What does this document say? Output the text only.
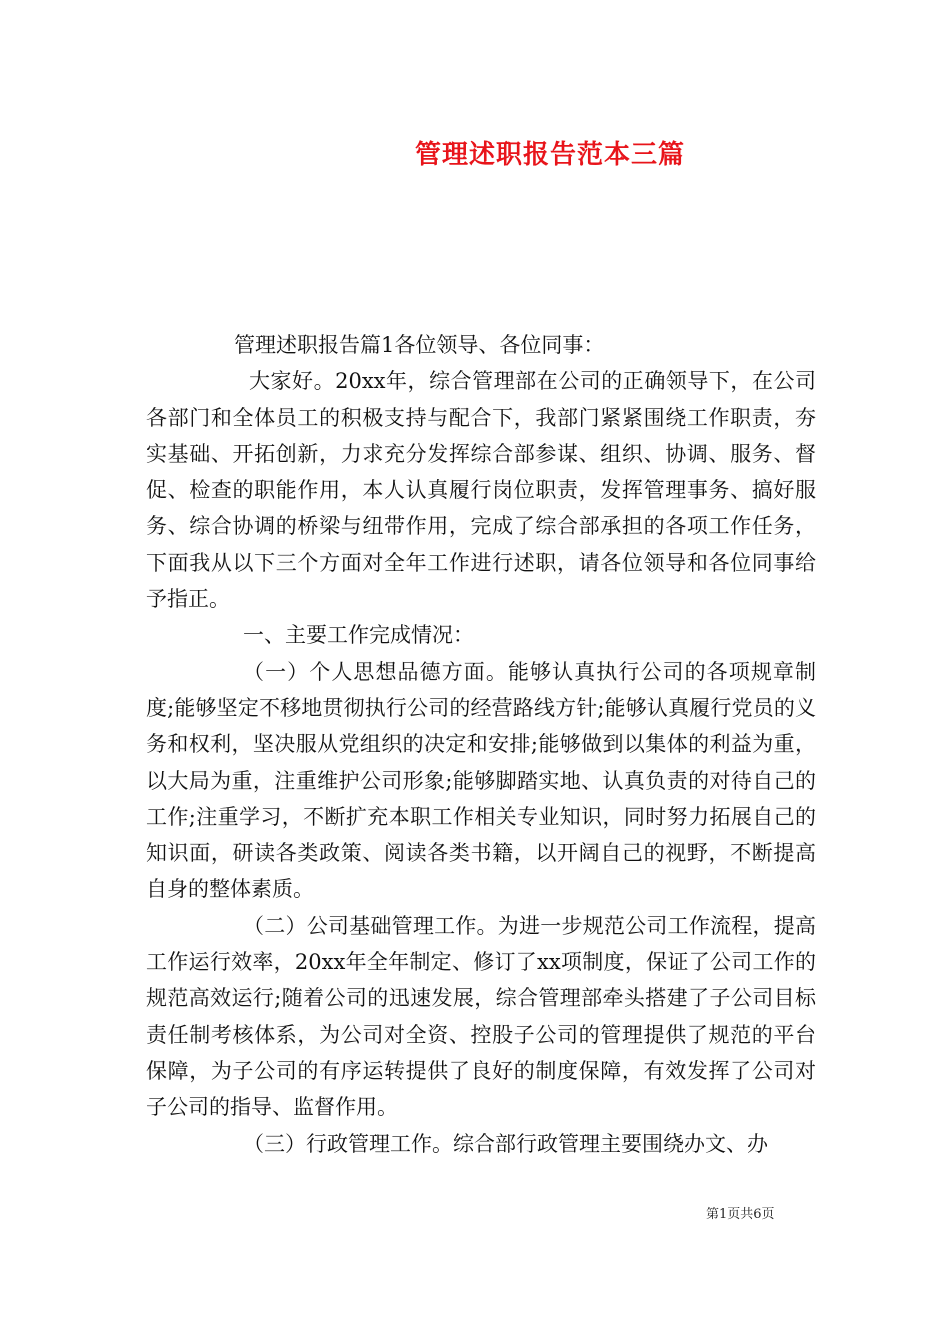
管理述职报告范本三篇

管理述职报告篇1各位领导、各位同事：

大家好。20xx年，综合管理部在公司的正确领导下，在公司各部门和全体员工的积极支持与配合下，我部门紧紧围绕工作职责，夯实基础、开拓创新，力求充分发挥综合部参谋、组织、协调、服务、督促、检查的职能作用，本人认真履行岗位职责，发挥管理事务、搞好服务、综合协调的桥梁与纽带作用，完成了综合部承担的各项工作任务，下面我从以下三个方面对全年工作进行述职，请各位领导和各位同事给予指正。

一、主要工作完成情况：

（一）个人思想品德方面。能够认真执行公司的各项规章制度;能够坚定不移地贯彻执行公司的经营路线方针;能够认真履行党员的义务和权利，坚决服从党组织的决定和安排;能够做到以集体的利益为重，以大局为重，注重维护公司形象;能够脚踏实地、认真负责的对待自己的工作;注重学习，不断扩充本职工作相关专业知识，同时努力拓展自己的知识面，研读各类政策、阅读各类书籍，以开阔自己的视野，不断提高自身的整体素质。

（二）公司基础管理工作。为进一步规范公司工作流程，提高工作运行效率，20xx年全年制定、修订了xx项制度，保证了公司工作的规范高效运行;随着公司的迅速发展，综合管理部牵头搭建了子公司目标责任制考核体系，为公司对全资、控股子公司的管理提供了规范的平台保障，为子公司的有序运转提供了良好的制度保障，有效发挥了公司对子公司的指导、监督作用。

（三）行政管理工作。综合部行政管理主要围绕办文、办

第1页共6页
